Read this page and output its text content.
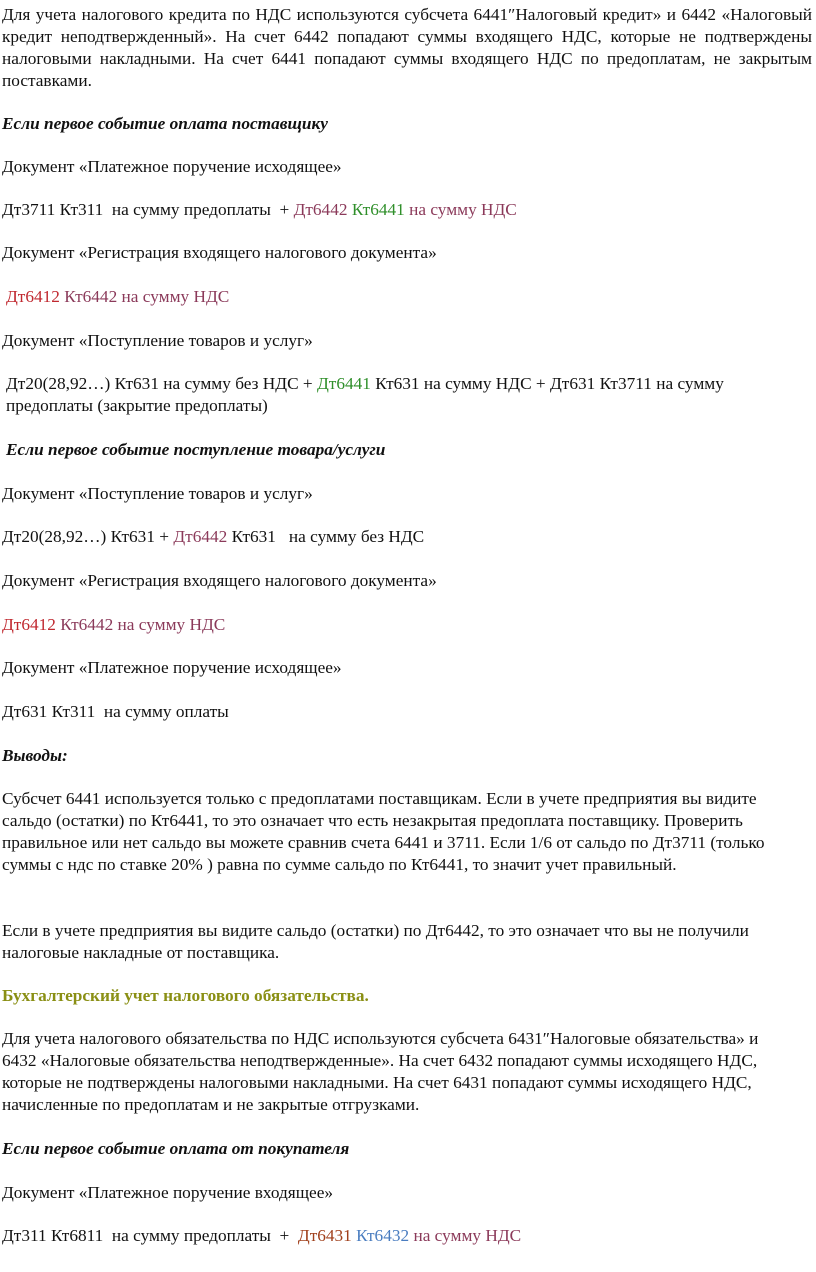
Для учета налогового кредита по НДС используются субсчета 6441″Налоговый кредит» и 6442 «Налоговый кредит неподтвержденный». На счет 6442 попадают суммы входящего НДС, которые не подтверждены налоговыми накладными. На счет 6441 попадают суммы входящего НДС по предоплатам, не закрытым поставками.

Если первое событие оплата поставщику

Документ «Платежное поручение исходящее»

Дт3711 Кт311  на сумму предоплаты  + Дт6442 Кт6441 на сумму НДС

Документ «Регистрация входящего налогового документа»

Дт6412 Кт6442 на сумму НДС

Документ «Поступление товаров и услуг»

Дт20(28,92…) Кт631 на сумму без НДС + Дт6441 Кт631 на сумму НДС + Дт631 Кт3711 на сумму предоплаты (закрытие предоплаты)

Если первое событие поступление товара/услуги

Документ «Поступление товаров и услуг»

Дт20(28,92…) Кт631 + Дт6442 Кт631   на сумму без НДС

Документ «Регистрация входящего налогового документа»

Дт6412 Кт6442 на сумму НДС

Документ «Платежное поручение исходящее»

Дт631 Кт311  на сумму оплаты

Выводы:

Субсчет 6441 используется только с предоплатами поставщикам. Если в учете предприятия вы видите сальдо (остатки) по Кт6441, то это означает что есть незакрытая предоплата поставщику. Проверить правильное или нет сальдо вы можете сравнив счета 6441 и 3711. Если 1/6 от сальдо по Дт3711 (только суммы с ндс по ставке 20% ) равна по сумме сальдо по Кт6441, то значит учет правильный.

Если в учете предприятия вы видите сальдо (остатки) по Дт6442, то это означает что вы не получили налоговые накладные от поставщика.

Бухгалтерский учет налогового обязательства.

Для учета налогового обязательства по НДС используются субсчета 6431″Налоговые обязательства» и 6432 «Налоговые обязательства неподтвержденные». На счет 6432 попадают суммы исходящего НДС, которые не подтверждены налоговыми накладными. На счет 6431 попадают суммы исходящего НДС, начисленные по предоплатам и не закрытые отгрузками.

Если первое событие оплата от покупателя

Документ «Платежное поручение входящее»

Дт311 Кт6811  на сумму предоплаты  +  Дт6431 Кт6432 на сумму НДС
